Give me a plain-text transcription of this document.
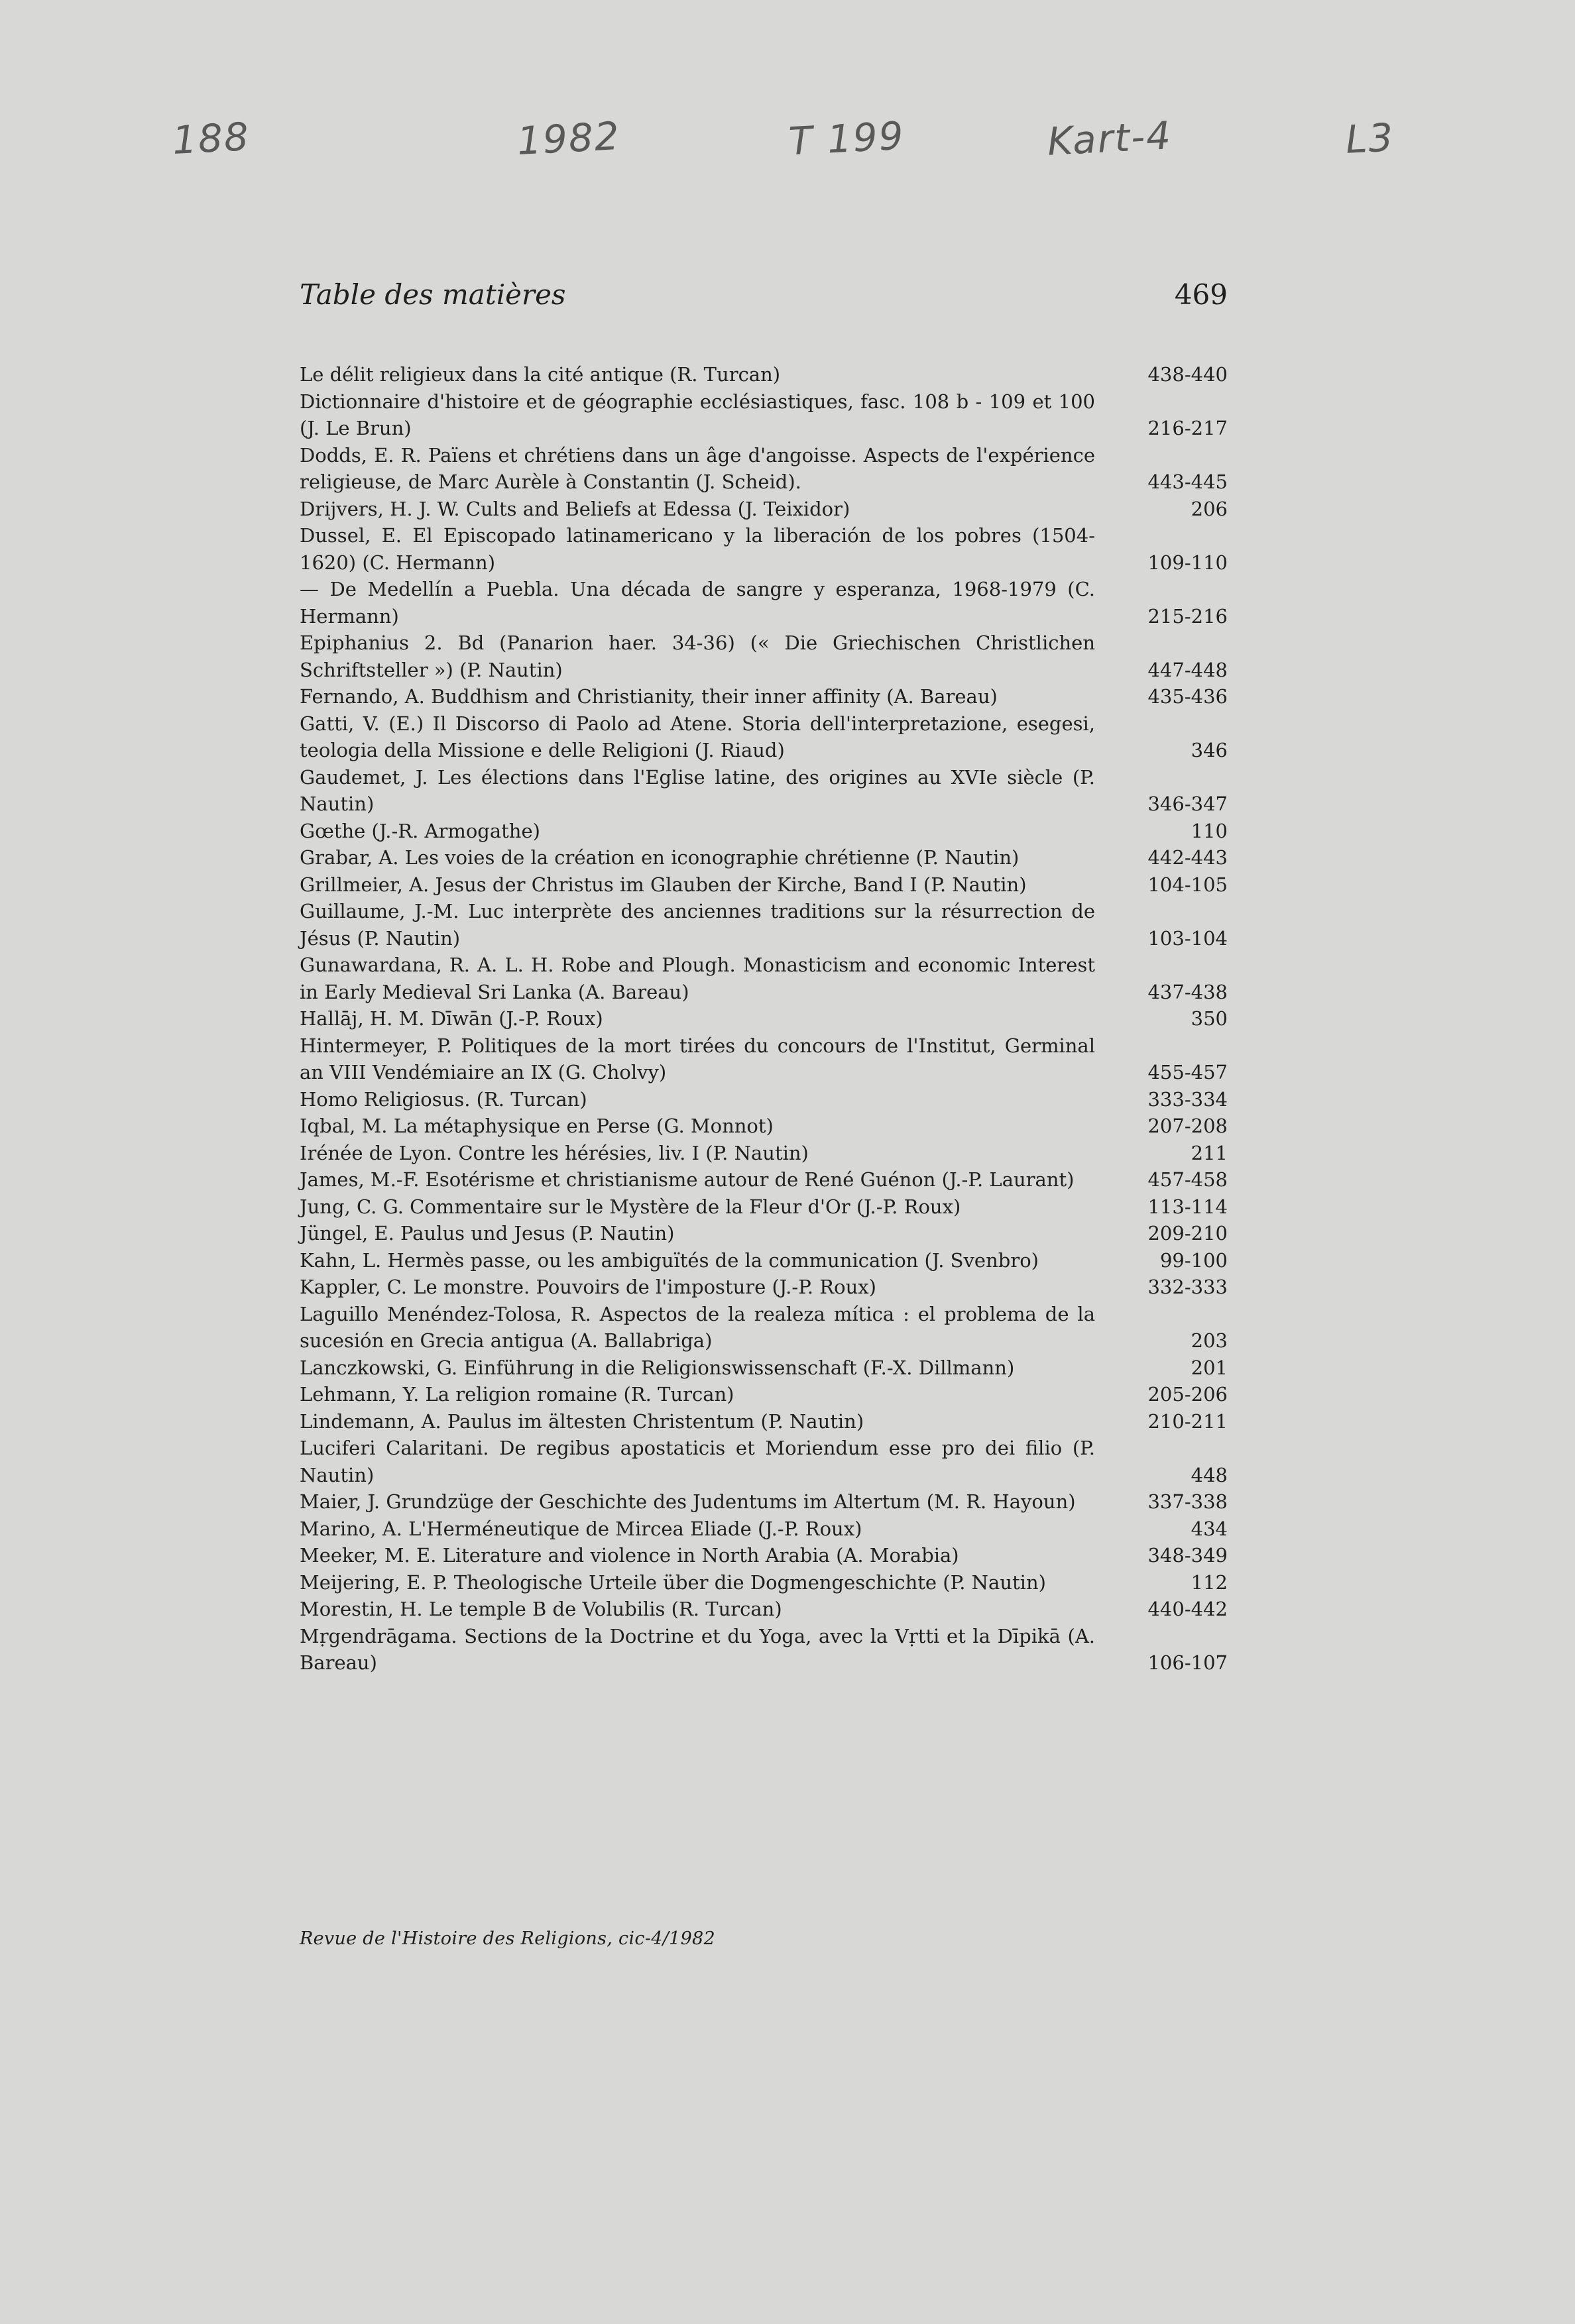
188	1982	T 199	Kart-4	L3
Table des matières	469
Le délit religieux dans la cité antique (R. Turcan)	438-440
Dictionnaire d'histoire et de géographie ecclésiastiques, fasc. 108 b - 109 et 100 (J. Le Brun)	216-217
Dodds, E. R. Païens et chrétiens dans un âge d'angoisse. Aspects de l'expérience religieuse, de Marc Aurèle à Constantin (J. Scheid).	443-445
Drijvers, H. J. W. Cults and Beliefs at Edessa (J. Teixidor)	206
Dussel, E. El Episcopado latinamericano y la liberación de los pobres (1504-1620) (C. Hermann)	109-110
— De Medellín a Puebla. Una década de sangre y esperanza, 1968-1979 (C. Hermann)	215-216
Epiphanius 2. Bd (Panarion haer. 34-36) (« Die Griechischen Christlichen Schriftsteller ») (P. Nautin)	447-448
Fernando, A. Buddhism and Christianity, their inner affinity (A. Bareau)	435-436
Gatti, V. (E.) Il Discorso di Paolo ad Atene. Storia dell'interpretazione, esegesi, teologia della Missione e delle Religioni (J. Riaud)	346
Gaudemet, J. Les élections dans l'Eglise latine, des origines au XVIe siècle (P. Nautin)	346-347
Gœthe (J.-R. Armogathe)	110
Grabar, A. Les voies de la création en iconographie chrétienne (P. Nautin)	442-443
Grillmeier, A. Jesus der Christus im Glauben der Kirche, Band I (P. Nautin)	104-105
Guillaume, J.-M. Luc interprète des anciennes traditions sur la résurrection de Jésus (P. Nautin)	103-104
Gunawardana, R. A. L. H. Robe and Plough. Monasticism and economic Interest in Early Medieval Sri Lanka (A. Bareau)	437-438
Hallāj, H. M. Dīwān (J.-P. Roux)	350
Hintermeyer, P. Politiques de la mort tirées du concours de l'Institut, Germinal an VIII Vendémiaire an IX (G. Cholvy)	455-457
Homo Religiosus. (R. Turcan)	333-334
Iqbal, M. La métaphysique en Perse (G. Monnot)	207-208
Irénée de Lyon. Contre les hérésies, liv. I (P. Nautin)	211
James, M.-F. Esotérisme et christianisme autour de René Guénon (J.-P. Laurant)	457-458
Jung, C. G. Commentaire sur le Mystère de la Fleur d'Or (J.-P. Roux)	113-114
Jüngel, E. Paulus und Jesus (P. Nautin)	209-210
Kahn, L. Hermès passe, ou les ambiguïtés de la communication (J. Svenbro)	99-100
Kappler, C. Le monstre. Pouvoirs de l'imposture (J.-P. Roux)	332-333
Laguillo Menéndez-Tolosa, R. Aspectos de la realeza mítica : el problema de la sucesión en Grecia antigua (A. Ballabriga)	203
Lanczkowski, G. Einführung in die Religionswissenschaft (F.-X. Dillmann)	201
Lehmann, Y. La religion romaine (R. Turcan)	205-206
Lindemann, A. Paulus im ältesten Christentum (P. Nautin)	210-211
Luciferi Calaritani. De regibus apostaticis et Moriendum esse pro dei filio (P. Nautin)	448
Maier, J. Grundzüge der Geschichte des Judentums im Altertum (M. R. Hayoun)	337-338
Marino, A. L'Herméneutique de Mircea Eliade (J.-P. Roux)	434
Meeker, M. E. Literature and violence in North Arabia (A. Morabia)	348-349
Meijering, E. P. Theologische Urteile über die Dogmengeschichte (P. Nautin)	112
Morestin, H. Le temple B de Volubilis (R. Turcan)	440-442
Mṛgendrāgama. Sections de la Doctrine et du Yoga, avec la Vṛtti et la Dīpikā (A. Bareau)	106-107
Revue de l'Histoire des Religions, cic-4/1982
